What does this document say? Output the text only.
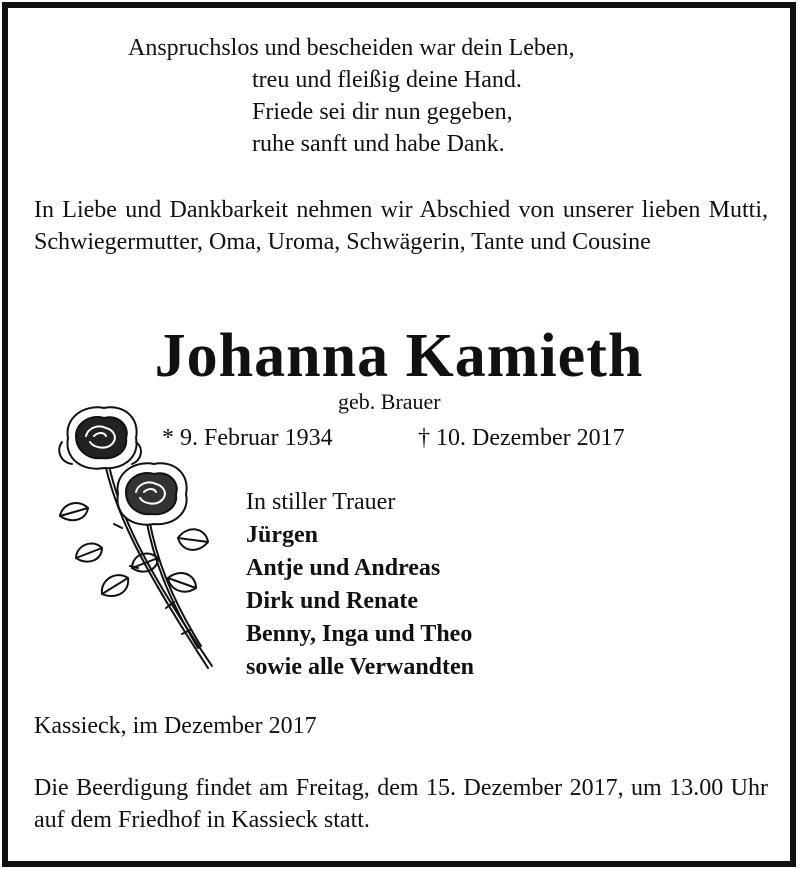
Anspruchslos und bescheiden war dein Leben,
treu und fleißig deine Hand.
Friede sei dir nun gegeben,
ruhe sanft und habe Dank.
In Liebe und Dankbarkeit nehmen wir Abschied von unserer lieben Mutti, Schwiegermutter, Oma, Uroma, Schwägerin, Tante und Cousine
Johanna Kamieth
geb. Brauer
* 9. Februar 1934	† 10. Dezember 2017
In stiller Trauer
Jürgen
Antje und Andreas
Dirk und Renate
Benny, Inga und Theo
sowie alle Verwandten
Kassieck, im Dezember 2017
Die Beerdigung findet am Freitag, dem 15. Dezember 2017, um 13.00 Uhr auf dem Friedhof in Kassieck statt.
